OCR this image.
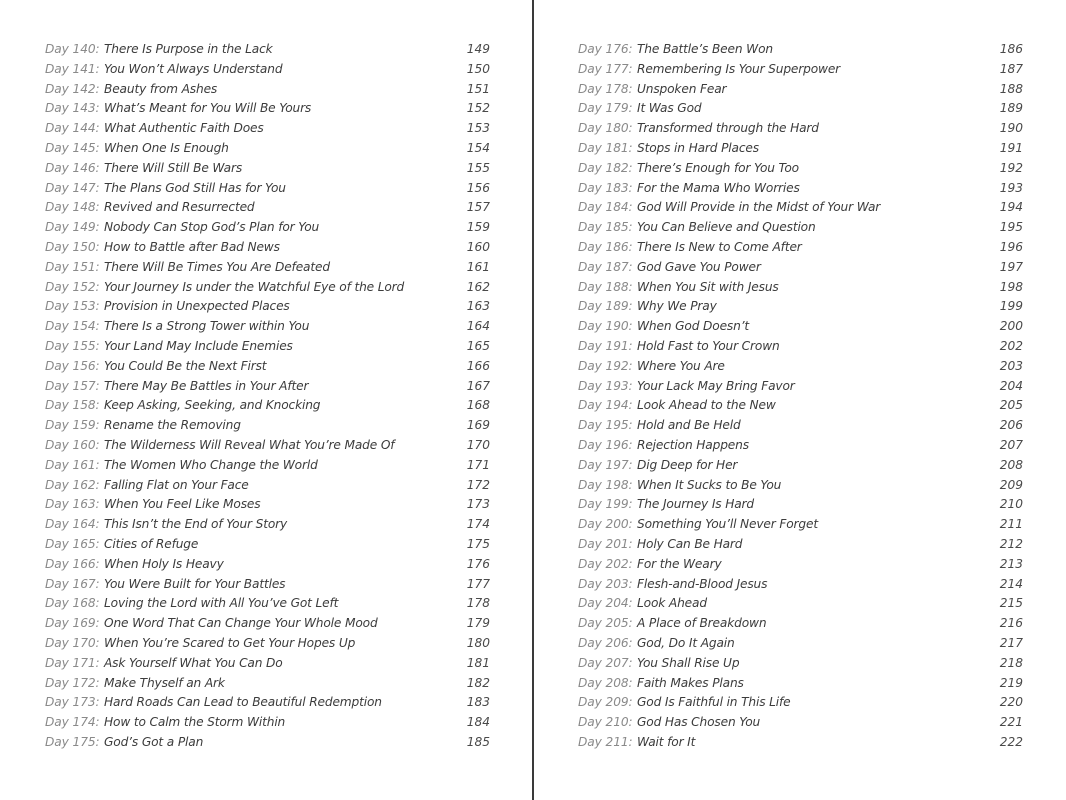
Day 140: There Is Purpose in the Lack	149
Day 141: You Won’t Always Understand	150
Day 142: Beauty from Ashes	151
Day 143: What’s Meant for You Will Be Yours	152
Day 144: What Authentic Faith Does	153
Day 145: When One Is Enough	154
Day 146: There Will Still Be Wars	155
Day 147: The Plans God Still Has for You	156
Day 148: Revived and Resurrected	157
Day 149: Nobody Can Stop God’s Plan for You	159
Day 150: How to Battle after Bad News	160
Day 151: There Will Be Times You Are Defeated	161
Day 152: Your Journey Is under the Watchful Eye of the Lord	162
Day 153: Provision in Unexpected Places	163
Day 154: There Is a Strong Tower within You	164
Day 155: Your Land May Include Enemies	165
Day 156: You Could Be the Next First	166
Day 157: There May Be Battles in Your After	167
Day 158: Keep Asking, Seeking, and Knocking	168
Day 159: Rename the Removing	169
Day 160: The Wilderness Will Reveal What You’re Made Of	170
Day 161: The Women Who Change the World	171
Day 162: Falling Flat on Your Face	172
Day 163: When You Feel Like Moses	173
Day 164: This Isn’t the End of Your Story	174
Day 165: Cities of Refuge	175
Day 166: When Holy Is Heavy	176
Day 167: You Were Built for Your Battles	177
Day 168: Loving the Lord with All You’ve Got Left	178
Day 169: One Word That Can Change Your Whole Mood	179
Day 170: When You’re Scared to Get Your Hopes Up	180
Day 171: Ask Yourself What You Can Do	181
Day 172: Make Thyself an Ark	182
Day 173: Hard Roads Can Lead to Beautiful Redemption	183
Day 174: How to Calm the Storm Within	184
Day 175: God’s Got a Plan	185
Day 176: The Battle’s Been Won	186
Day 177: Remembering Is Your Superpower	187
Day 178: Unspoken Fear	188
Day 179: It Was God	189
Day 180: Transformed through the Hard	190
Day 181: Stops in Hard Places	191
Day 182: There’s Enough for You Too	192
Day 183: For the Mama Who Worries	193
Day 184: God Will Provide in the Midst of Your War	194
Day 185: You Can Believe and Question	195
Day 186: There Is New to Come After	196
Day 187: God Gave You Power	197
Day 188: When You Sit with Jesus	198
Day 189: Why We Pray	199
Day 190: When God Doesn’t	200
Day 191: Hold Fast to Your Crown	202
Day 192: Where You Are	203
Day 193: Your Lack May Bring Favor	204
Day 194: Look Ahead to the New	205
Day 195: Hold and Be Held	206
Day 196: Rejection Happens	207
Day 197: Dig Deep for Her	208
Day 198: When It Sucks to Be You	209
Day 199: The Journey Is Hard	210
Day 200: Something You’ll Never Forget	211
Day 201: Holy Can Be Hard	212
Day 202: For the Weary	213
Day 203: Flesh-and-Blood Jesus	214
Day 204: Look Ahead	215
Day 205: A Place of Breakdown	216
Day 206: God, Do It Again	217
Day 207: You Shall Rise Up	218
Day 208: Faith Makes Plans	219
Day 209: God Is Faithful in This Life	220
Day 210: God Has Chosen You	221
Day 211: Wait for It	222
